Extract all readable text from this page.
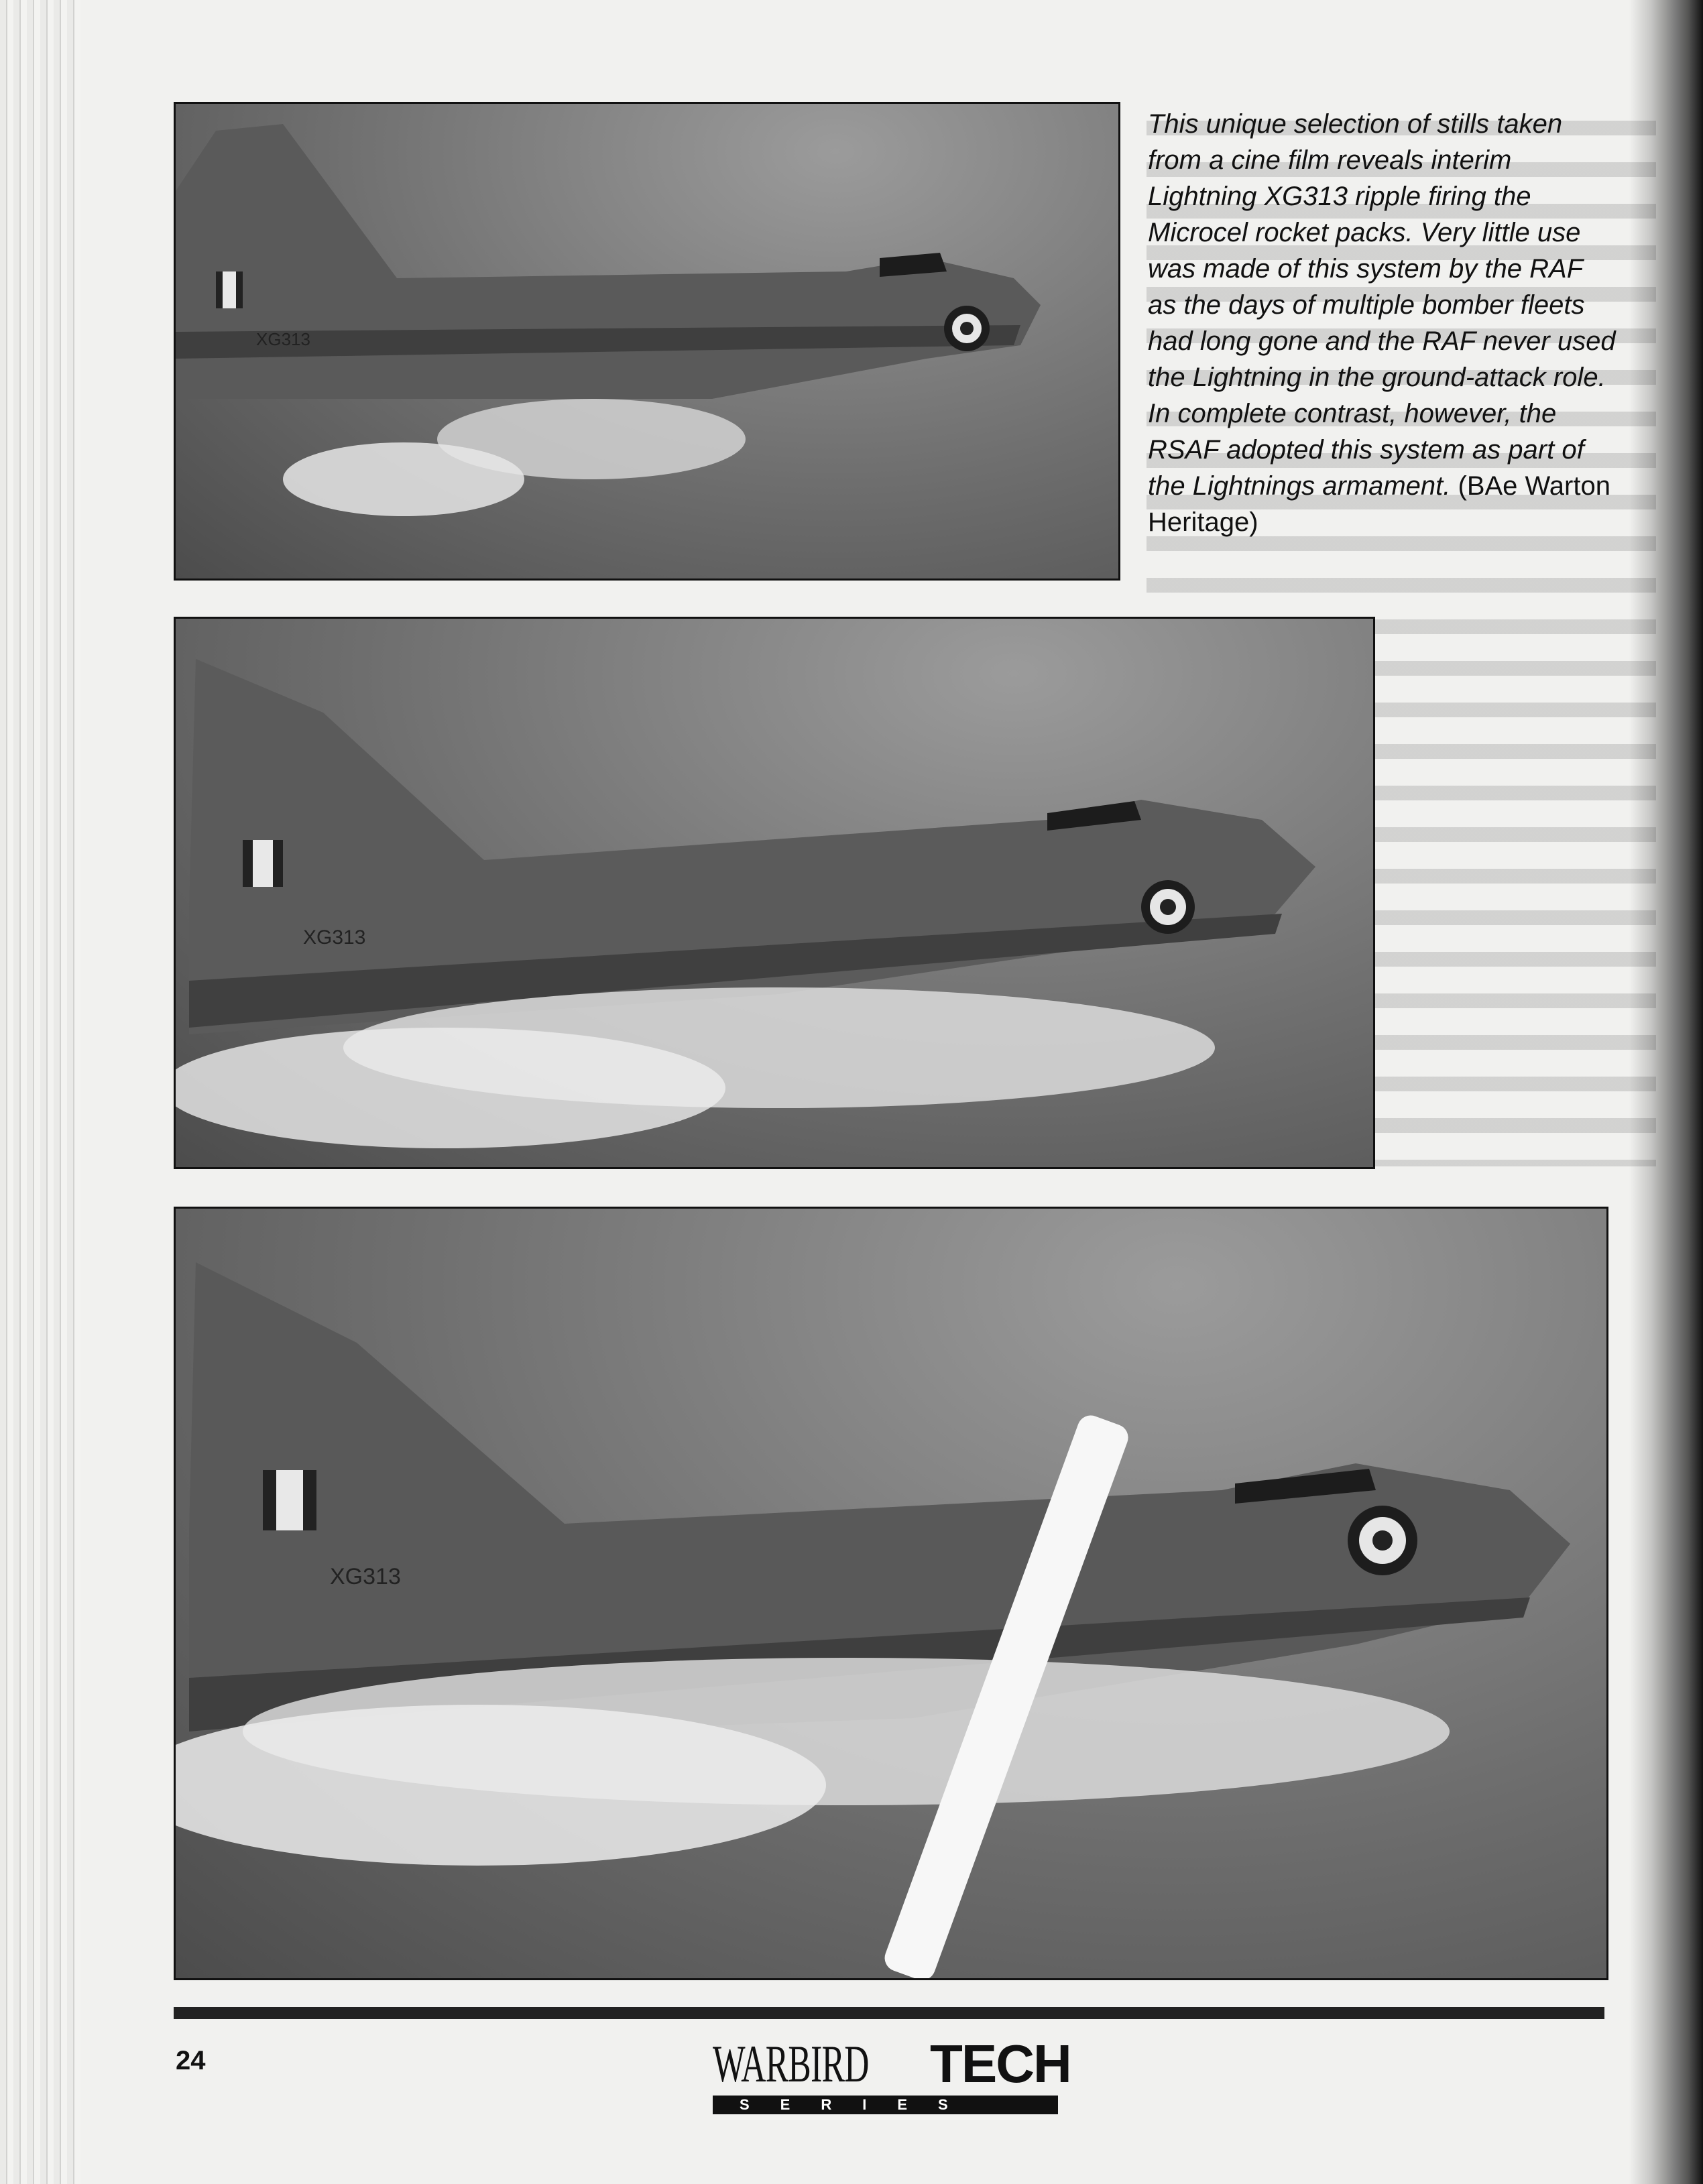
XG313
XG313
XG313
This unique selection of stills taken from a cine film reveals interim Lightning XG313 ripple firing the Microcel rocket packs. Very little use was made of this system by the RAF as the days of multiple bomber fleets had long gone and the RAF never used the Lightning in the ground-attack role. In complete contrast, however, the RSAF adopted this system as part of the Lightnings armament. (BAe Warton Heritage)
24	WARBIRD TECH
SERIES
